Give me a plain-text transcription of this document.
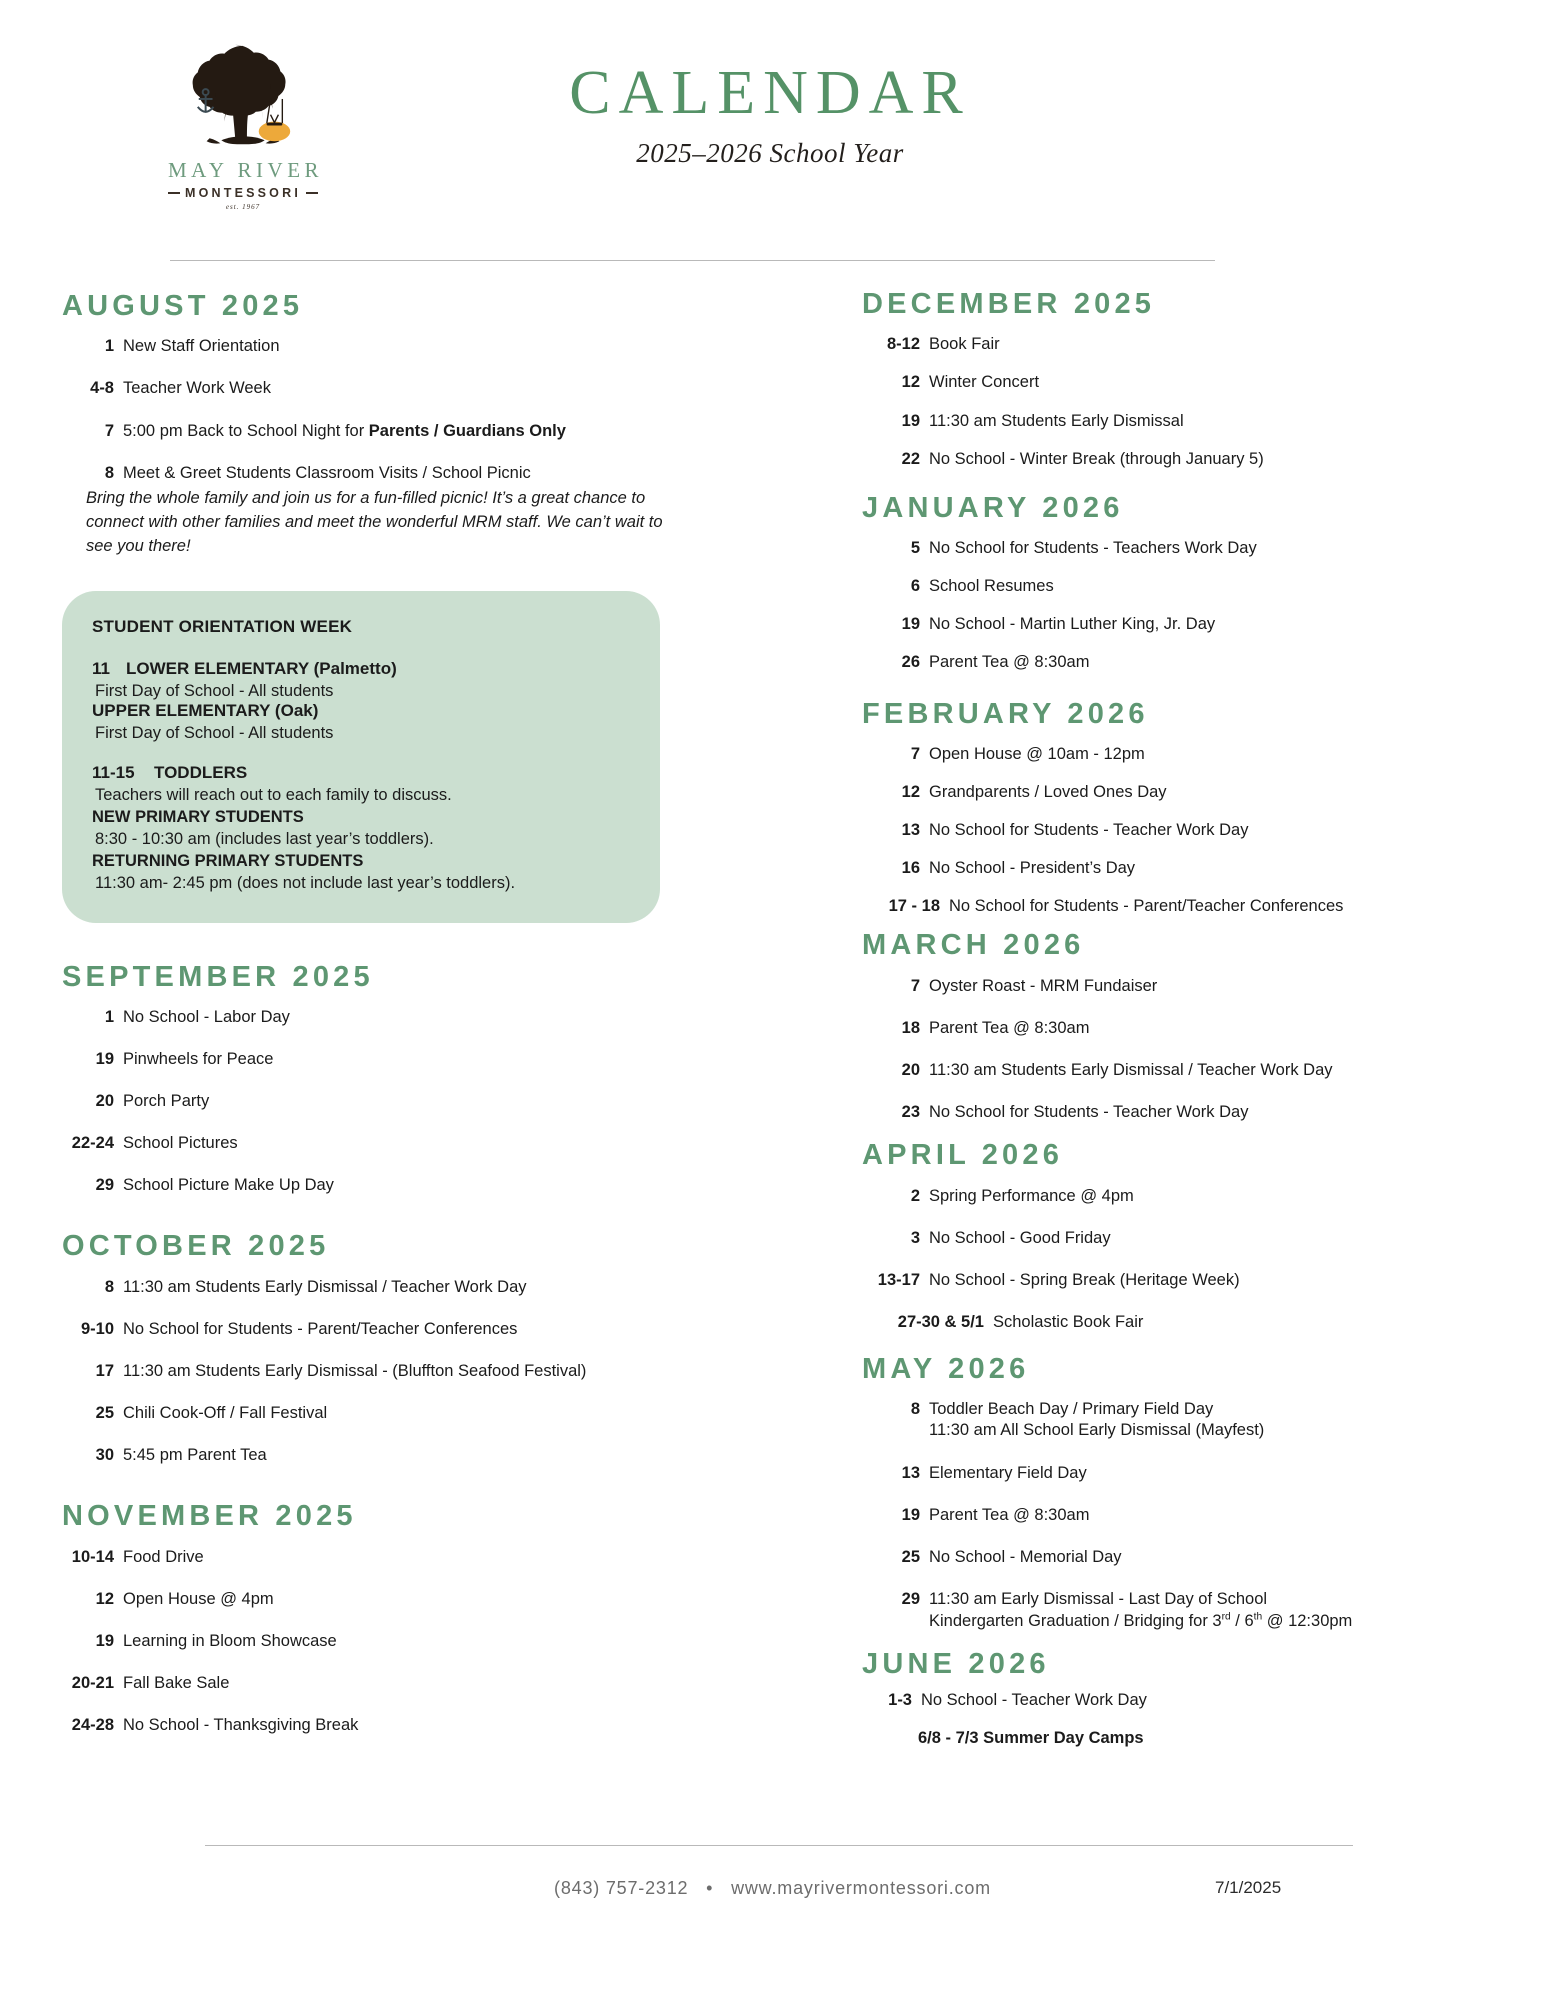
MAY RIVER
MONTESSORI
est. 1967
CALENDAR
2025–2026 School Year
AUGUST 2025
1 New Staff Orientation
4-8 Teacher Work Week
7 5:00 pm Back to School Night for Parents / Guardians Only
8 Meet & Greet Students Classroom Visits / School Picnic
Bring the whole family and join us for a fun-filled picnic! It’s a great chance to connect with other families and meet the wonderful MRM staff. We can’t wait to see you there!
STUDENT ORIENTATION WEEK
11 LOWER ELEMENTARY (Palmetto)
First Day of School - All students
UPPER ELEMENTARY (Oak)
First Day of School - All students
11-15 TODDLERS
Teachers will reach out to each family to discuss.
NEW PRIMARY STUDENTS
8:30 - 10:30 am (includes last year’s toddlers).
RETURNING PRIMARY STUDENTS
11:30 am- 2:45 pm (does not include last year’s toddlers).
SEPTEMBER 2025
1 No School - Labor Day
19 Pinwheels for Peace
20 Porch Party
22-24 School Pictures
29 School Picture Make Up Day
OCTOBER 2025
8 11:30 am Students Early Dismissal / Teacher Work Day
9-10 No School for Students - Parent/Teacher Conferences
17 11:30 am Students Early Dismissal - (Bluffton Seafood Festival)
25 Chili Cook-Off / Fall Festival
30 5:45 pm Parent Tea
NOVEMBER 2025
10-14 Food Drive
12 Open House @ 4pm
19 Learning in Bloom Showcase
20-21 Fall Bake Sale
24-28 No School - Thanksgiving Break
DECEMBER 2025
8-12 Book Fair
12 Winter Concert
19 11:30 am Students Early Dismissal
22 No School - Winter Break (through January 5)
JANUARY 2026
5 No School for Students - Teachers Work Day
6 School Resumes
19 No School - Martin Luther King, Jr. Day
26 Parent Tea @ 8:30am
FEBRUARY 2026
7 Open House @ 10am - 12pm
12 Grandparents / Loved Ones Day
13 No School for Students - Teacher Work Day
16 No School - President’s Day
17 - 18 No School for Students - Parent/Teacher Conferences
MARCH 2026
7 Oyster Roast - MRM Fundaiser
18 Parent Tea @ 8:30am
20 11:30 am Students Early Dismissal / Teacher Work Day
23 No School for Students - Teacher Work Day
APRIL 2026
2 Spring Performance @ 4pm
3 No School - Good Friday
13-17 No School - Spring Break (Heritage Week)
27-30 & 5/1 Scholastic Book Fair
MAY 2026
8 Toddler Beach Day / Primary Field Day
11:30 am All School Early Dismissal (Mayfest)
13 Elementary Field Day
19 Parent Tea @ 8:30am
25 No School - Memorial Day
29 11:30 am Early Dismissal - Last Day of School
Kindergarten Graduation / Bridging for 3rd / 6th @ 12:30pm
JUNE 2026
1-3 No School - Teacher Work Day
6/8 - 7/3 Summer Day Camps
(843) 757-2312 • www.mayrivermontessori.com	7/1/2025
